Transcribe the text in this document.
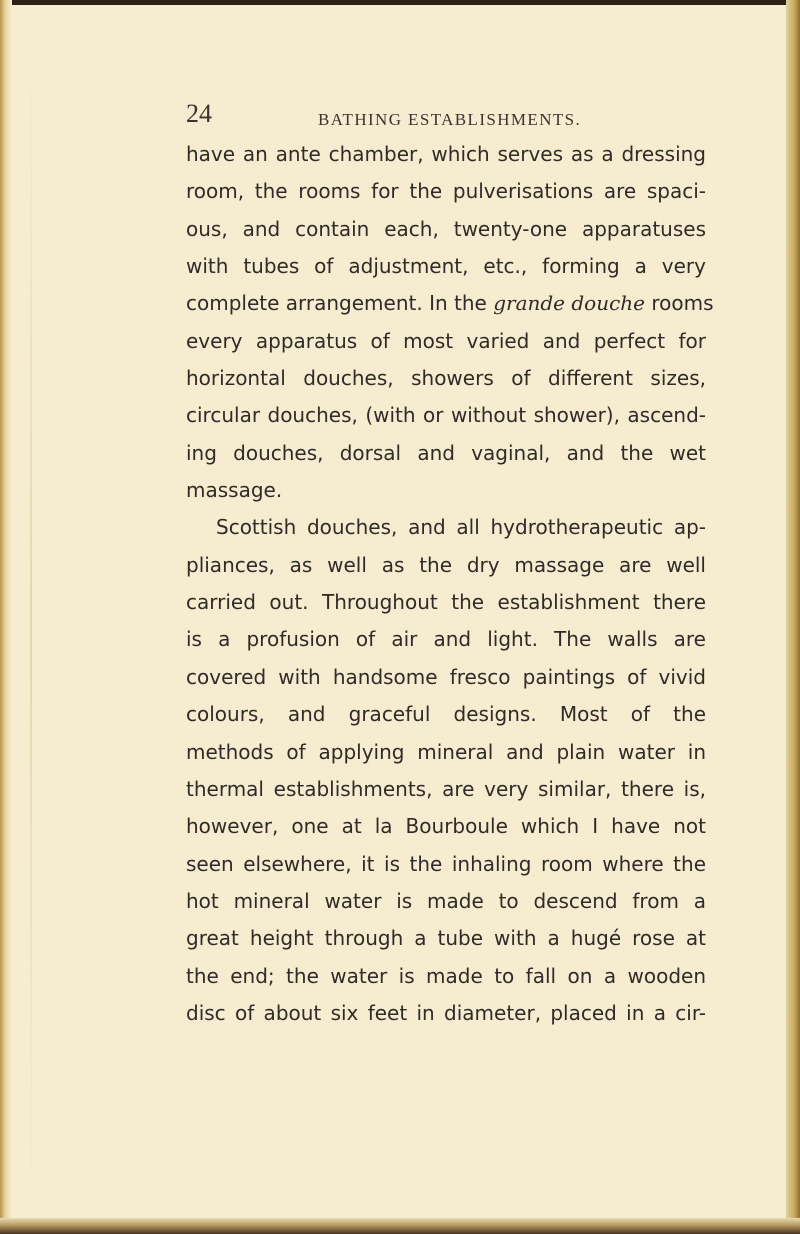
24	BATHING ESTABLISHMENTS.

have an ante chamber, which serves as a dressing
room, the rooms for the pulverisations are spaci-
ous, and contain each, twenty-one apparatuses
with tubes of adjustment, etc., forming a very
complete arrangement. In the grande douche rooms
every apparatus of most varied and perfect for
horizontal douches, showers of different sizes,
circular douches, (with or without shower), ascend-
ing douches, dorsal and vaginal, and the wet
massage.
Scottish douches, and all hydrotherapeutic ap-
pliances, as well as the dry massage are well
carried out. Throughout the establishment there
is a profusion of air and light. The walls are
covered with handsome fresco paintings of vivid
colours, and graceful designs. Most of the
methods of applying mineral and plain water in
thermal establishments, are very similar, there is,
however, one at la Bourboule which I have not
seen elsewhere, it is the inhaling room where the
hot mineral water is made to descend from a
great height through a tube with a hugé rose at
the end; the water is made to fall on a wooden
disc of about six feet in diameter, placed in a cir-
